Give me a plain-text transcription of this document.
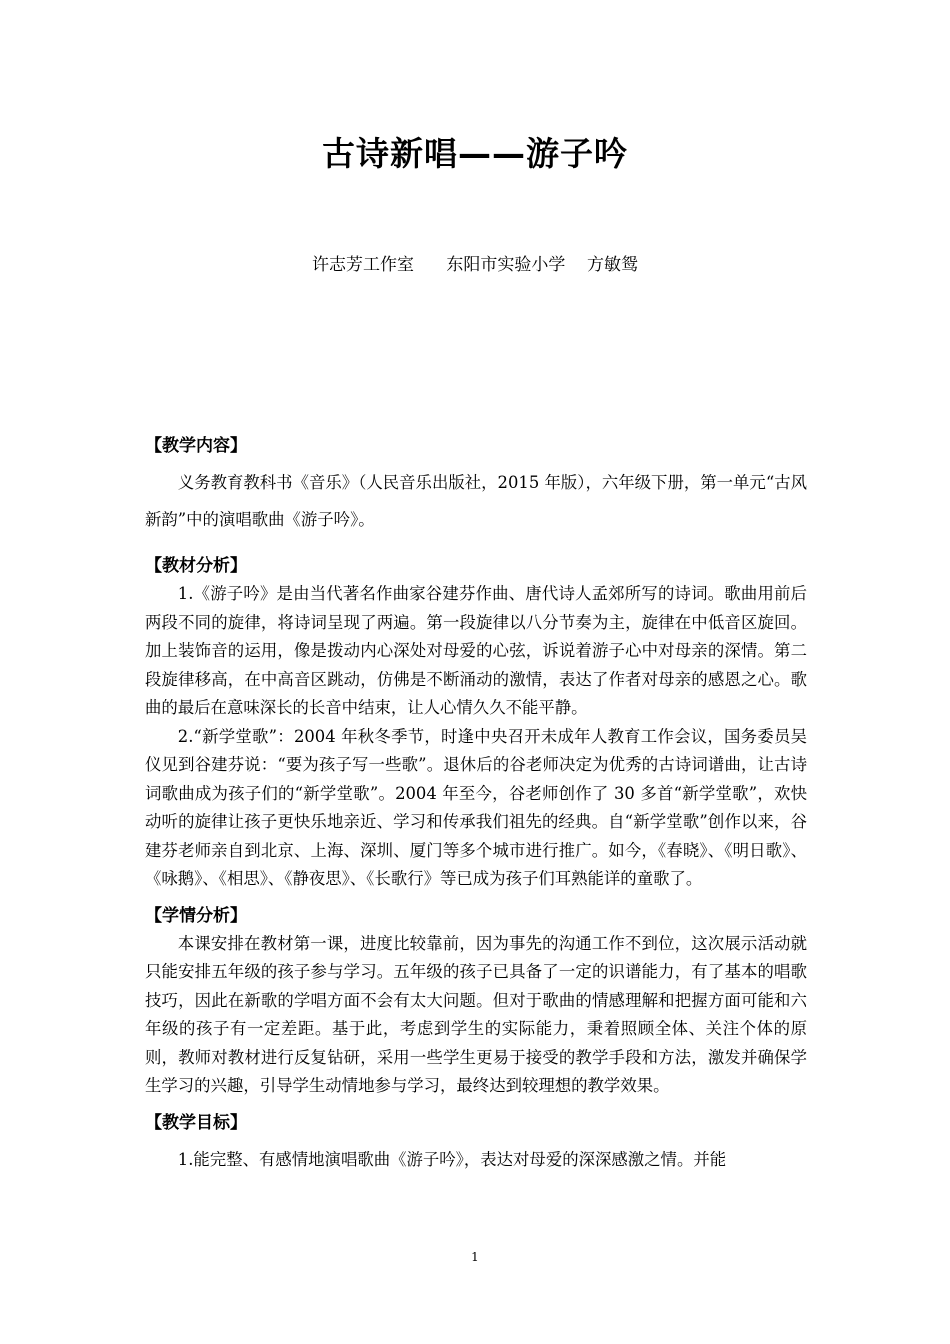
古诗新唱——游子吟
许志芳工作室      东阳市实验小学    方敏鸳
【教学内容】

义务教育教科书《音乐》（人民音乐出版社，2015 年版），六年级下册，第一单元“古风新韵”中的演唱歌曲《游子吟》。

【教材分析】

1.《游子吟》是由当代著名作曲家谷建芬作曲、唐代诗人孟郊所写的诗词。歌曲用前后两段不同的旋律，将诗词呈现了两遍。第一段旋律以八分节奏为主，旋律在中低音区旋回。加上装饰音的运用，像是拨动内心深处对母爱的心弦，诉说着游子心中对母亲的深情。第二段旋律移高，在中高音区跳动，仿佛是不断涌动的激情，表达了作者对母亲的感恩之心。歌曲的最后在意味深长的长音中结束，让人心情久久不能平静。

2.“新学堂歌”：2004 年秋冬季节，时逢中央召开未成年人教育工作会议，国务委员吴仪见到谷建芬说：“要为孩子写一些歌”。退休后的谷老师决定为优秀的古诗词谱曲，让古诗词歌曲成为孩子们的“新学堂歌”。2004 年至今，谷老师创作了 30 多首“新学堂歌”，欢快动听的旋律让孩子更快乐地亲近、学习和传承我们祖先的经典。自“新学堂歌”创作以来，谷建芬老师亲自到北京、上海、深圳、厦门等多个城市进行推广。如今，《春晓》、《明日歌》、《咏鹅》、《相思》、《静夜思》、《长歌行》等已成为孩子们耳熟能详的童歌了。

【学情分析】

本课安排在教材第一课，进度比较靠前，因为事先的沟通工作不到位，这次展示活动就只能安排五年级的孩子参与学习。五年级的孩子已具备了一定的识谱能力，有了基本的唱歌技巧，因此在新歌的学唱方面不会有太大问题。但对于歌曲的情感理解和把握方面可能和六年级的孩子有一定差距。基于此，考虑到学生的实际能力，秉着照顾全体、关注个体的原则，教师对教材进行反复钻研，采用一些学生更易于接受的教学手段和方法，激发并确保学生学习的兴趣，引导学生动情地参与学习，最终达到较理想的教学效果。

【教学目标】

1.能完整、有感情地演唱歌曲《游子吟》，表达对母爱的深深感激之情。并能

1
